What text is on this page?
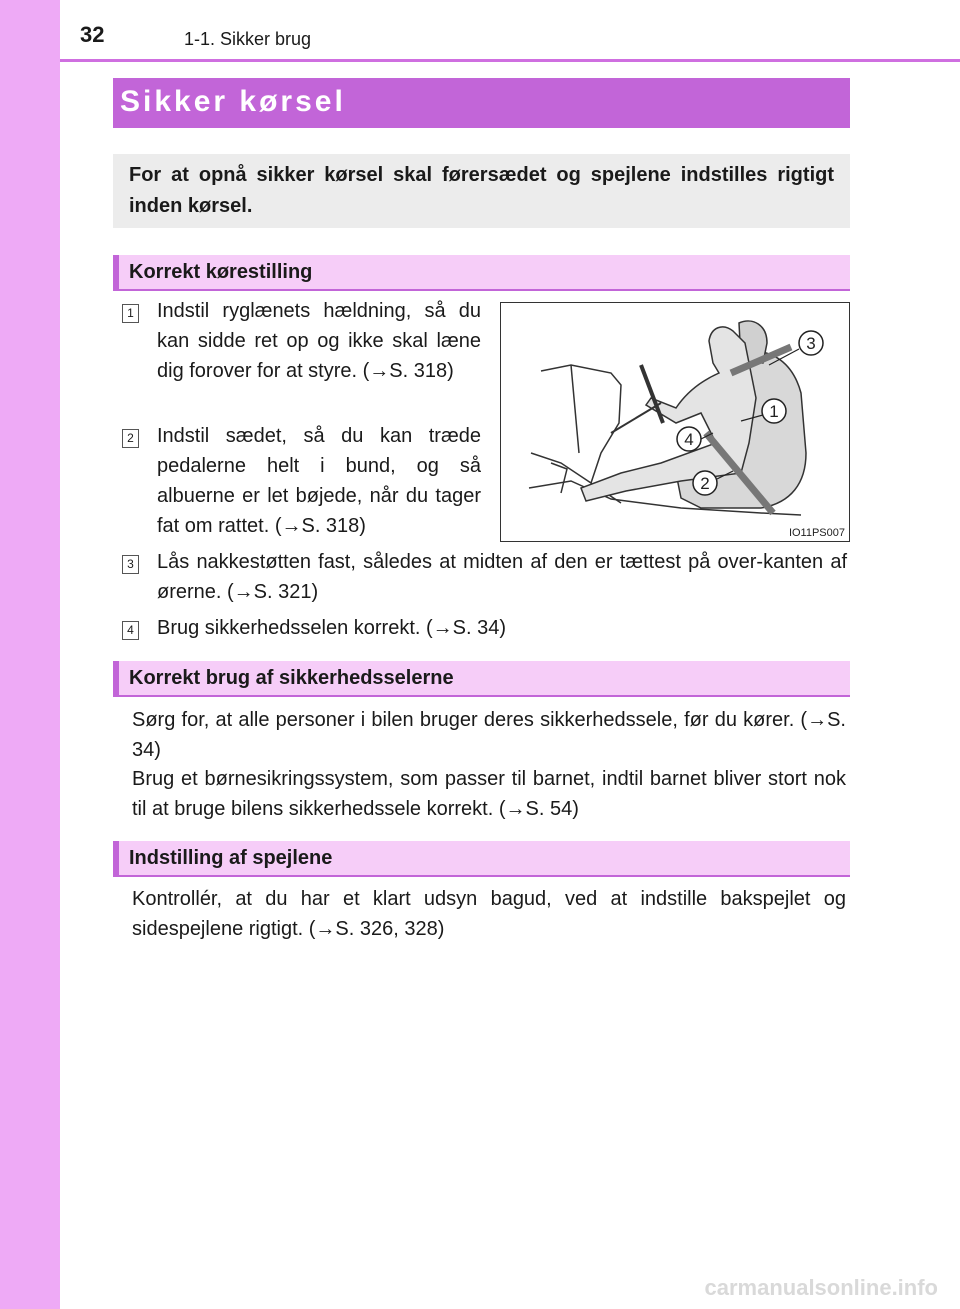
32	1-1. Sikker brug
Sikker kørsel

For at opnå sikker kørsel skal førersædet og spejlene indstilles rigtigt inden kørsel.

Korrekt kørestilling
1 Indstil ryglænets hældning, så du kan sidde ret op og ikke skal læne dig forover for at styre. (→S. 318)

2 Indstil sædet, så du kan træde pedalerne helt i bund, og så albuerne er let bøjede, når du tager fat om rattet. (→S. 318)

3 Lås nakkestøtten fast, således at midten af den er tættest på over-kanten af ørerne. (→S. 321)

4 Brug sikkerhedsselen korrekt. (→S. 34)

3
1
4
2
IO11PS007
Korrekt brug af sikkerhedsselerne

Sørg for, at alle personer i bilen bruger deres sikkerhedssele, før du kører. (→S. 34)

Brug et børnesikringssystem, som passer til barnet, indtil barnet bliver stort nok til at bruge bilens sikkerhedssele korrekt. (→S. 54)

Indstilling af spejlene

Kontrollér, at du har et klart udsyn bagud, ved at indstille bakspejlet og sidespejlene rigtigt. (→S. 326, 328)

carmanualsonline.info
